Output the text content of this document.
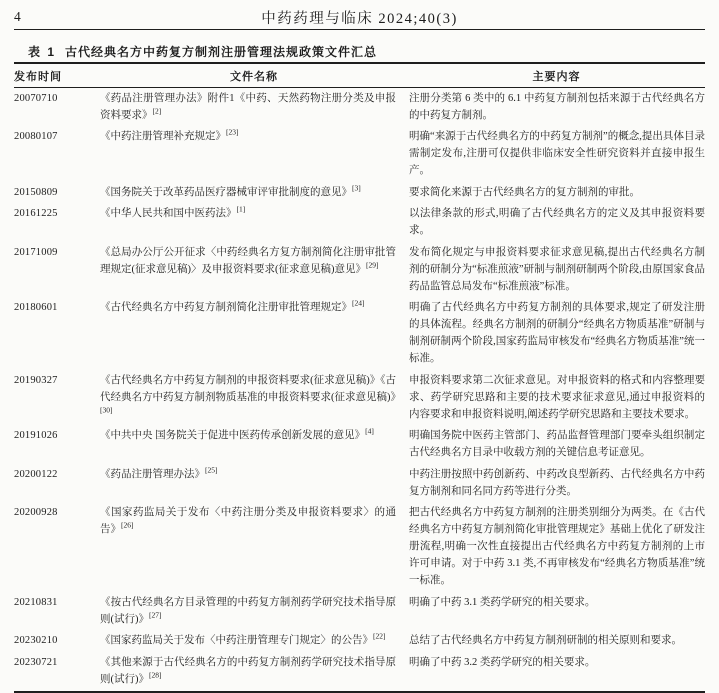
4	中药药理与临床 2024;40(3)
表 1 古代经典名方中药复方制剂注册管理法规政策文件汇总
发布时间	文件名称	主要内容
20070710	《药品注册管理办法》附件1《中药、天然药物注册分类及申报资料要求》[2]	注册分类第 6 类中的 6.1 中药复方制剂包括来源于古代经典名方的中药复方制剂。
20080107	《中药注册管理补充规定》[23]	明确“来源于古代经典名方的中药复方制剂”的概念,提出具体目录需制定发布,注册可仅提供非临床安全性研究资料并直接申报生产。
20150809	《国务院关于改革药品医疗器械审评审批制度的意见》[3]	要求简化来源于古代经典名方的复方制剂的审批。
20161225	《中华人民共和国中医药法》[1]	以法律条款的形式,明确了古代经典名方的定义及其申报资料要求。
20171009	《总局办公厅公开征求〈中药经典名方复方制剂简化注册审批管理规定(征求意见稿)〉及申报资料要求(征求意见稿)意见》[29]	发布简化规定与申报资料要求征求意见稿,提出古代经典名方制剂的研制分为“标准煎液”研制与制剂研制两个阶段,由原国家食品药品监管总局发布“标准煎液”标准。
20180601	《古代经典名方中药复方制剂简化注册审批管理规定》[24]	明确了古代经典名方中药复方制剂的具体要求,规定了研发注册的具体流程。经典名方制剂的研制分“经典名方物质基准”研制与制剂研制两个阶段,国家药监局审核发布“经典名方物质基准”统一标准。
20190327	《古代经典名方中药复方制剂的申报资料要求(征求意见稿)》《古代经典名方中药复方制剂物质基准的申报资料要求(征求意见稿)》[30]	申报资料要求第二次征求意见。对申报资料的格式和内容整理要求、药学研究思路和主要的技术要求征求意见,通过申报资料的内容要求和申报资料说明,阐述药学研究思路和主要技术要求。
20191026	《中共中央 国务院关于促进中医药传承创新发展的意见》[4]	明确国务院中医药主管部门、药品监督管理部门要牵头组织制定古代经典名方目录中收载方剂的关键信息考证意见。
20200122	《药品注册管理办法》[25]	中药注册按照中药创新药、中药改良型新药、古代经典名方中药复方制剂和同名同方药等进行分类。
20200928	《国家药监局关于发布〈中药注册分类及申报资料要求〉的通告》[26]	把古代经典名方中药复方制剂的注册类别细分为两类。在《古代经典名方中药复方制剂简化审批管理规定》基础上优化了研发注册流程,明确一次性直接提出古代经典名方中药复方制剂的上市许可申请。对于中药 3.1 类,不再审核发布“经典名方物质基准”统一标准。
20210831	《按古代经典名方目录管理的中药复方制剂药学研究技术指导原则(试行)》[27]	明确了中药 3.1 类药学研究的相关要求。
20230210	《国家药监局关于发布〈中药注册管理专门规定〉的公告》[22]	总结了古代经典名方中药复方制剂研制的相关原则和要求。
20230721	《其他来源于古代经典名方的中药复方制剂药学研究技术指导原则(试行)》[28]	明确了中药 3.2 类药学研究的相关要求。
